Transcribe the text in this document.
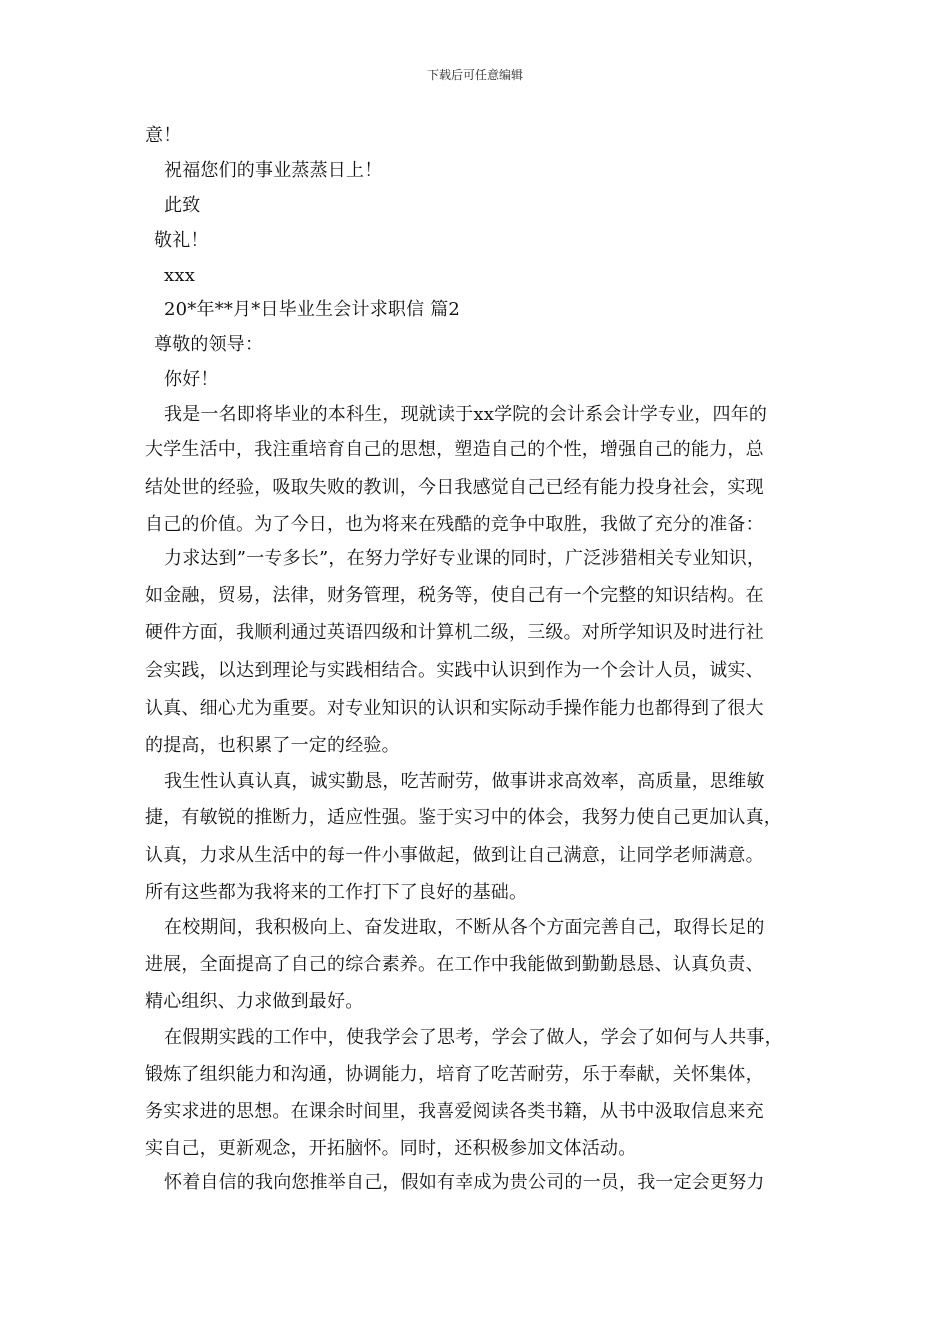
下载后可任意编辑
意！
祝福您们的事业蒸蒸日上！
此致
敬礼！
xxx
20*年**月*日毕业生会计求职信 篇2
尊敬的领导：
你好！
我是一名即将毕业的本科生，现就读于xx学院的会计系会计学专业，四年的
大学生活中，我注重培育自己的思想，塑造自己的个性，增强自己的能力，总
结处世的经验，吸取失败的教训，今日我感觉自己已经有能力投身社会，实现
自己的价值。为了今日，也为将来在残酷的竞争中取胜，我做了充分的准备：
力求达到”一专多长”，在努力学好专业课的同时，广泛涉猎相关专业知识，
如金融，贸易，法律，财务管理，税务等，使自己有一个完整的知识结构。在
硬件方面，我顺利通过英语四级和计算机二级，三级。对所学知识及时进行社
会实践，以达到理论与实践相结合。实践中认识到作为一个会计人员，诚实、
认真、细心尤为重要。对专业知识的认识和实际动手操作能力也都得到了很大
的提高，也积累了一定的经验。
我生性认真认真，诚实勤恳，吃苦耐劳，做事讲求高效率，高质量，思维敏
捷，有敏锐的推断力，适应性强。鉴于实习中的体会，我努力使自己更加认真，
认真，力求从生活中的每一件小事做起，做到让自己满意，让同学老师满意。
所有这些都为我将来的工作打下了良好的基础。
在校期间，我积极向上、奋发进取，不断从各个方面完善自己，取得长足的
进展，全面提高了自己的综合素养。在工作中我能做到勤勤恳恳、认真负责、
精心组织、力求做到最好。
在假期实践的工作中，使我学会了思考，学会了做人，学会了如何与人共事，
锻炼了组织能力和沟通，协调能力，培育了吃苦耐劳，乐于奉献，关怀集体，
务实求进的思想。在课余时间里，我喜爱阅读各类书籍，从书中汲取信息来充
实自己，更新观念，开拓脑怀。同时，还积极参加文体活动。
怀着自信的我向您推举自己，假如有幸成为贵公司的一员，我一定会更努力
